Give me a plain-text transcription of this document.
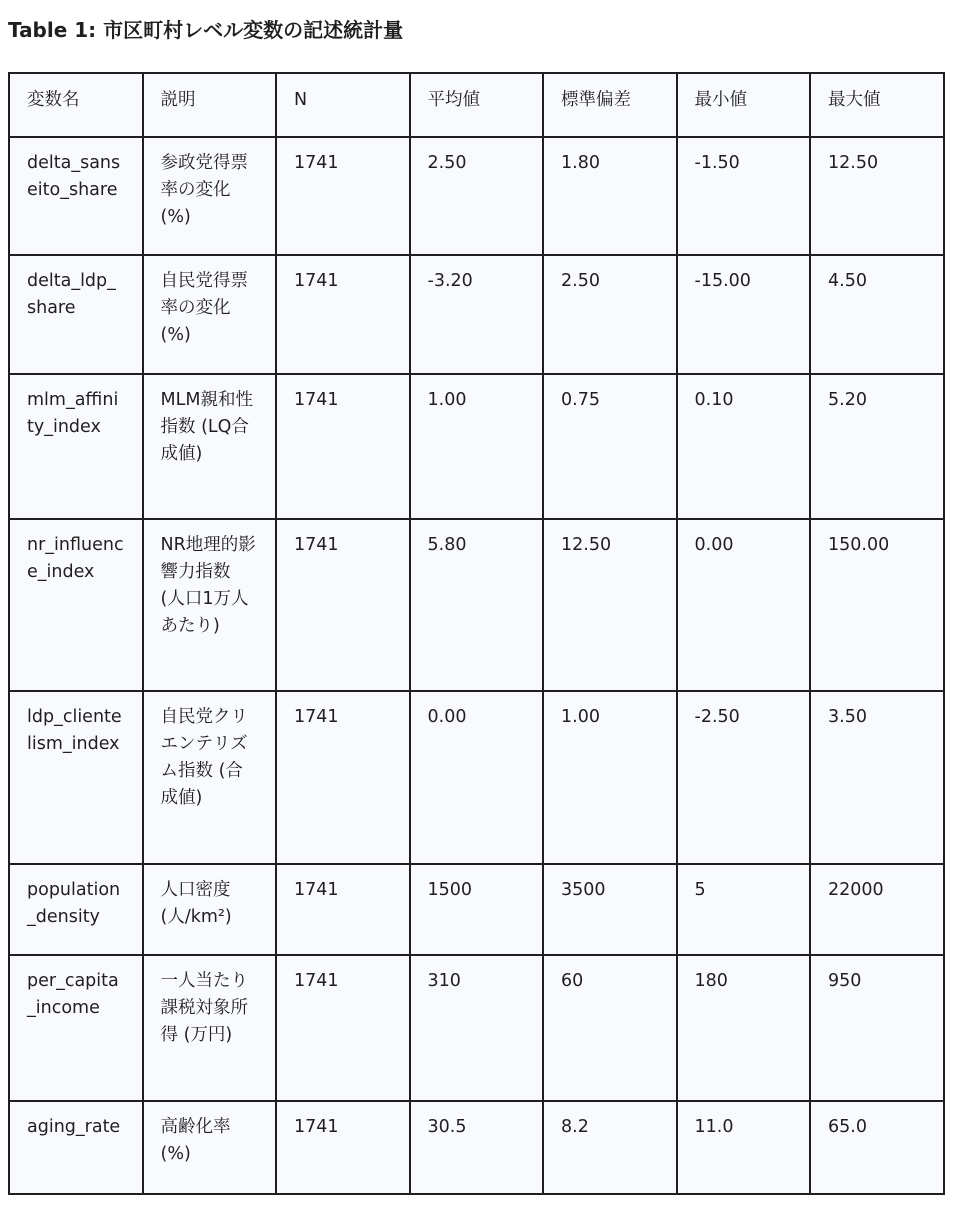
Table 1: 市区町村レベル変数の記述統計量
変数名	説明	N	平均値	標準偏差	最小値	最大値
delta_sanseito_share	参政党得票率の変化 (%)	1741	2.50	1.80	-1.50	12.50
delta_ldp_share	自民党得票率の変化 (%)	1741	-3.20	2.50	-15.00	4.50
mlm_affinity_index	MLM親和性指数 (LQ合成値)	1741	1.00	0.75	0.10	5.20
nr_influence_index	NR地理的影響力指数 (人口1万人あたり)	1741	5.80	12.50	0.00	150.00
ldp_clientelism_index	自民党クリエンテリズム指数 (合成値)	1741	0.00	1.00	-2.50	3.50
population_density	人口密度 (人/km²)	1741	1500	3500	5	22000
per_capita_income	一人当たり課税対象所得 (万円)	1741	310	60	180	950
aging_rate	高齢化率 (%)	1741	30.5	8.2	11.0	65.0
